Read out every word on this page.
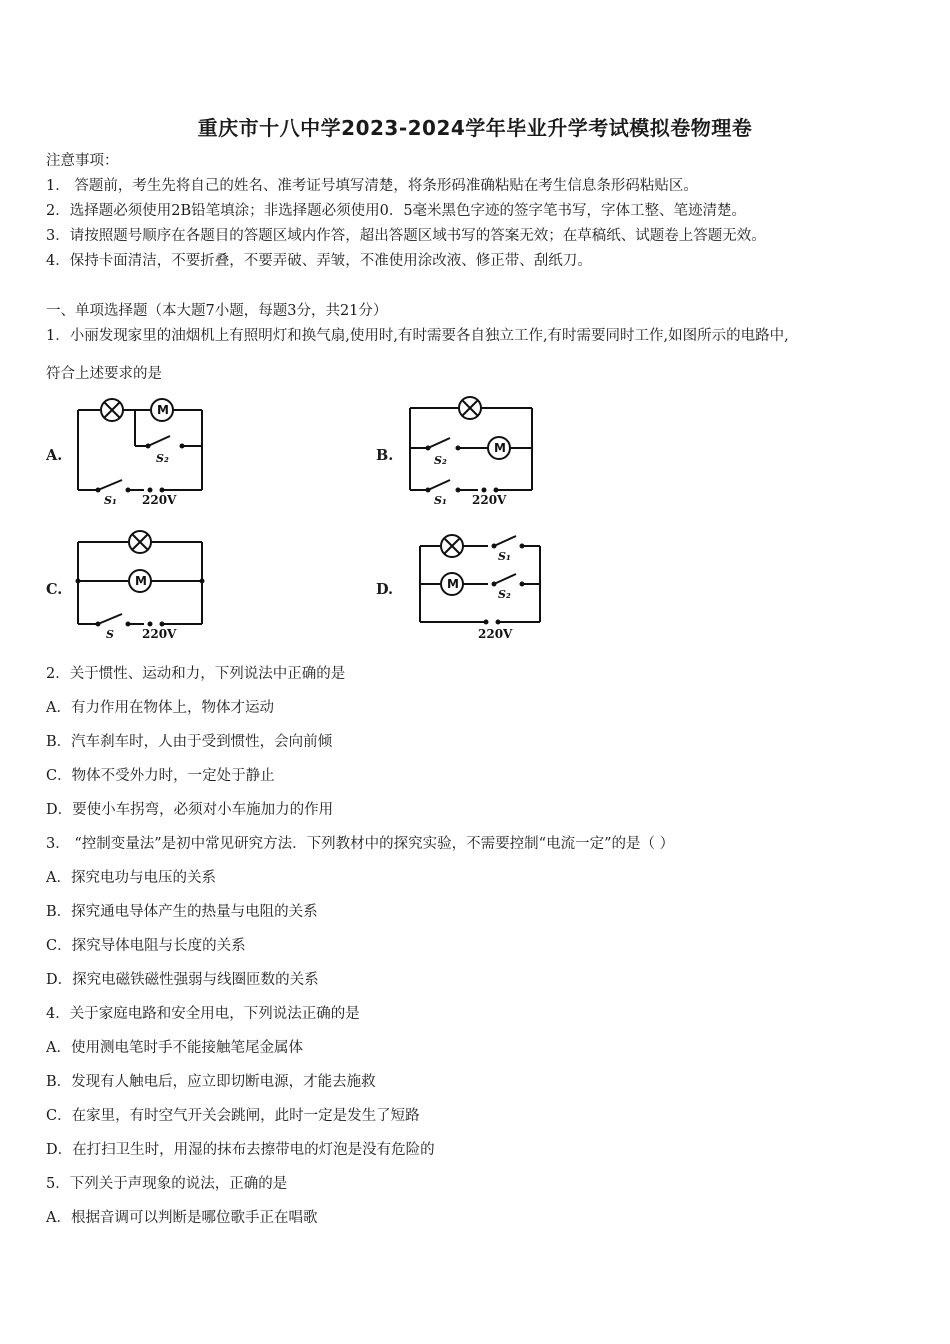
重庆市十八中学2023-2024学年毕业升学考试模拟卷物理卷
注意事项：
1． 答题前，考生先将自己的姓名、准考证号填写清楚，将条形码准确粘贴在考生信息条形码粘贴区。
2．选择题必须使用2B铅笔填涂；非选择题必须使用0．5毫米黑色字迹的签字笔书写，字体工整、笔迹清楚。
3．请按照题号顺序在各题目的答题区域内作答，超出答题区域书写的答案无效；在草稿纸、试题卷上答题无效。
4．保持卡面清洁，不要折叠，不要弄破、弄皱，不准使用涂改液、修正带、刮纸刀。
一、单项选择题（本大题7小题，每题3分，共21分）
1．小丽发现家里的油烟机上有照明灯和换气扇,使用时,有时需要各自独立工作,有时需要同时工作,如图所示的电路中,
符合上述要求的是
A.	B.
C.	D.
M
S₂
S₁ 220V
M
S₂
S₁ 220V
M
S 220V
S₁
M
S₂
220V
2．关于惯性、运动和力，下列说法中正确的是
A．有力作用在物体上，物体才运动
B．汽车刹车时，人由于受到惯性，会向前倾
C．物体不受外力时，一定处于静止
D．要使小车拐弯，必须对小车施加力的作用
3． “控制变量法”是初中常见研究方法．下列教材中的探究实验，不需要控制“电流一定”的是（ ）
A．探究电功与电压的关系
B．探究通电导体产生的热量与电阻的关系
C．探究导体电阻与长度的关系
D．探究电磁铁磁性强弱与线圈匝数的关系
4．关于家庭电路和安全用电，下列说法正确的是
A．使用测电笔时手不能接触笔尾金属体
B．发现有人触电后，应立即切断电源，才能去施救
C．在家里，有时空气开关会跳闸，此时一定是发生了短路
D．在打扫卫生时，用湿的抹布去擦带电的灯泡是没有危险的
5．下列关于声现象的说法，正确的是
A．根据音调可以判断是哪位歌手正在唱歌
